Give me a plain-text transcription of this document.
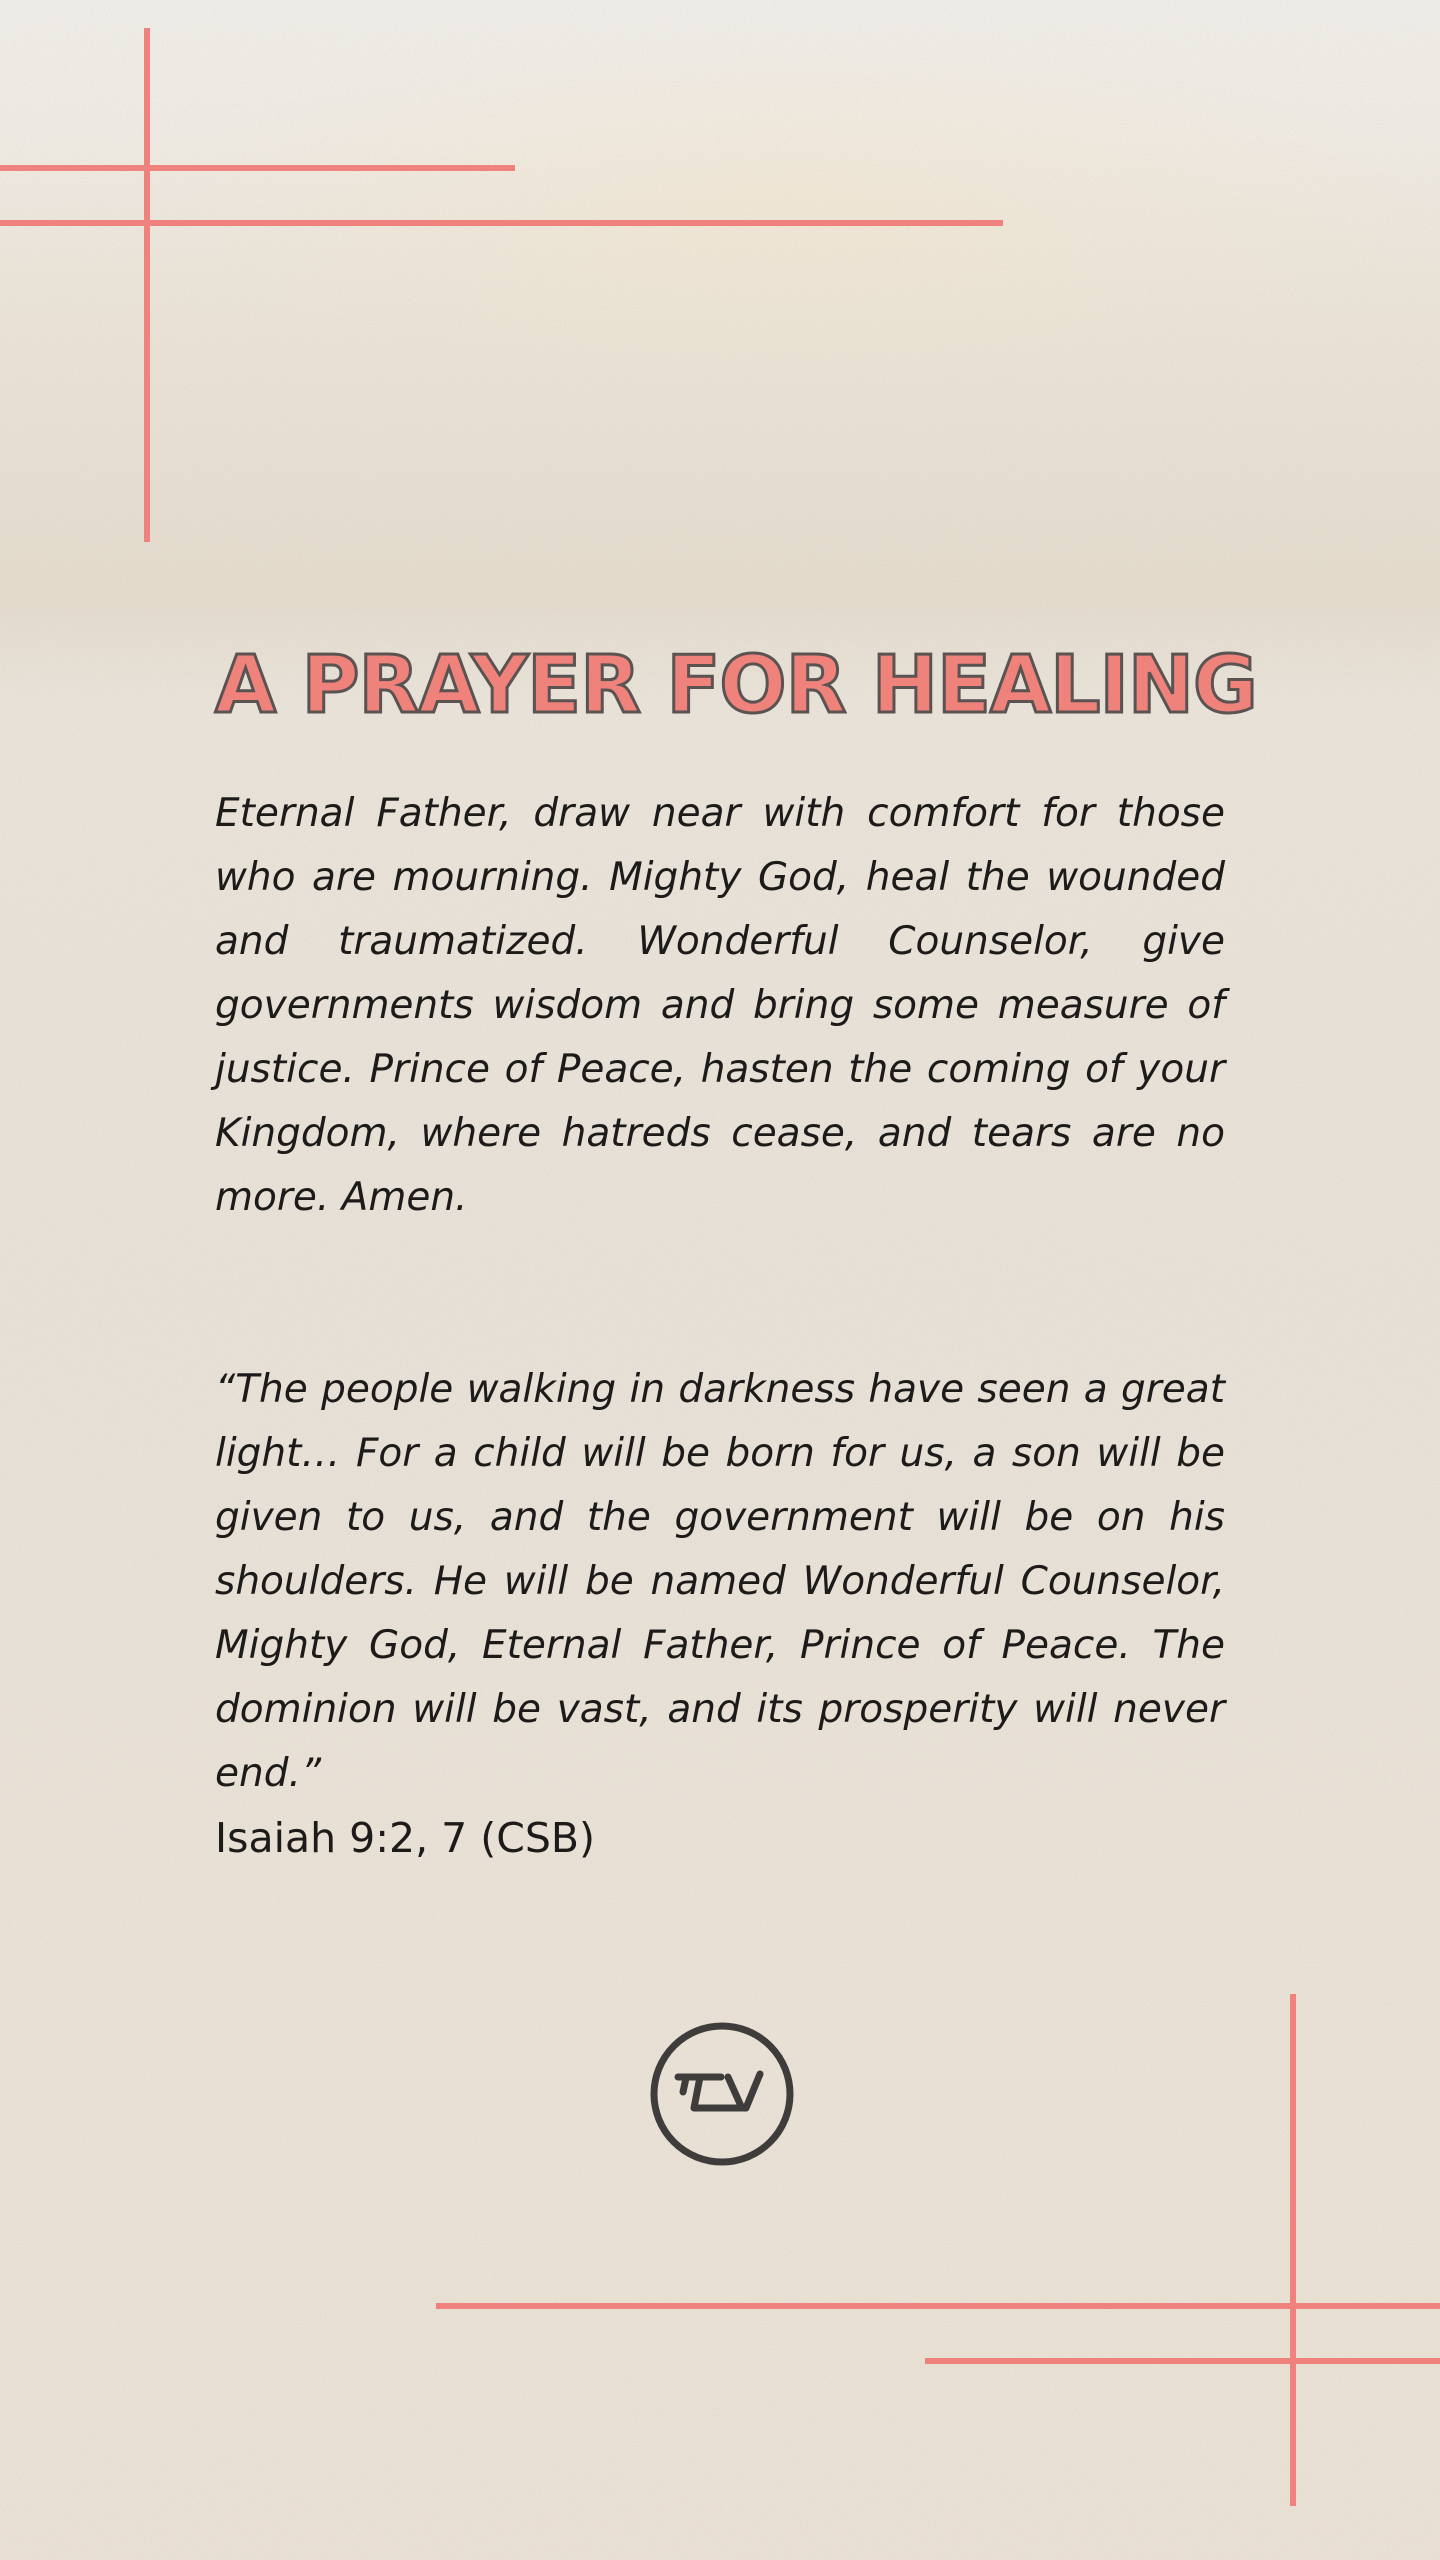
A PRAYER FOR HEALING

Eternal Father, draw near with comfort for those who are mourning. Mighty God, heal the wounded and traumatized. Wonderful Counselor, give governments wisdom and bring some measure of justice. Prince of Peace, hasten the coming of your Kingdom, where hatreds cease, and tears are no more. Amen.

“The people walking in darkness have seen a great light… For a child will be born for us, a son will be given to us, and the government will be on his shoulders. He will be named Wonderful Counselor, Mighty God, Eternal Father, Prince of Peace. The dominion will be vast, and its prosperity will never end.”

Isaiah 9:2, 7 (CSB)
